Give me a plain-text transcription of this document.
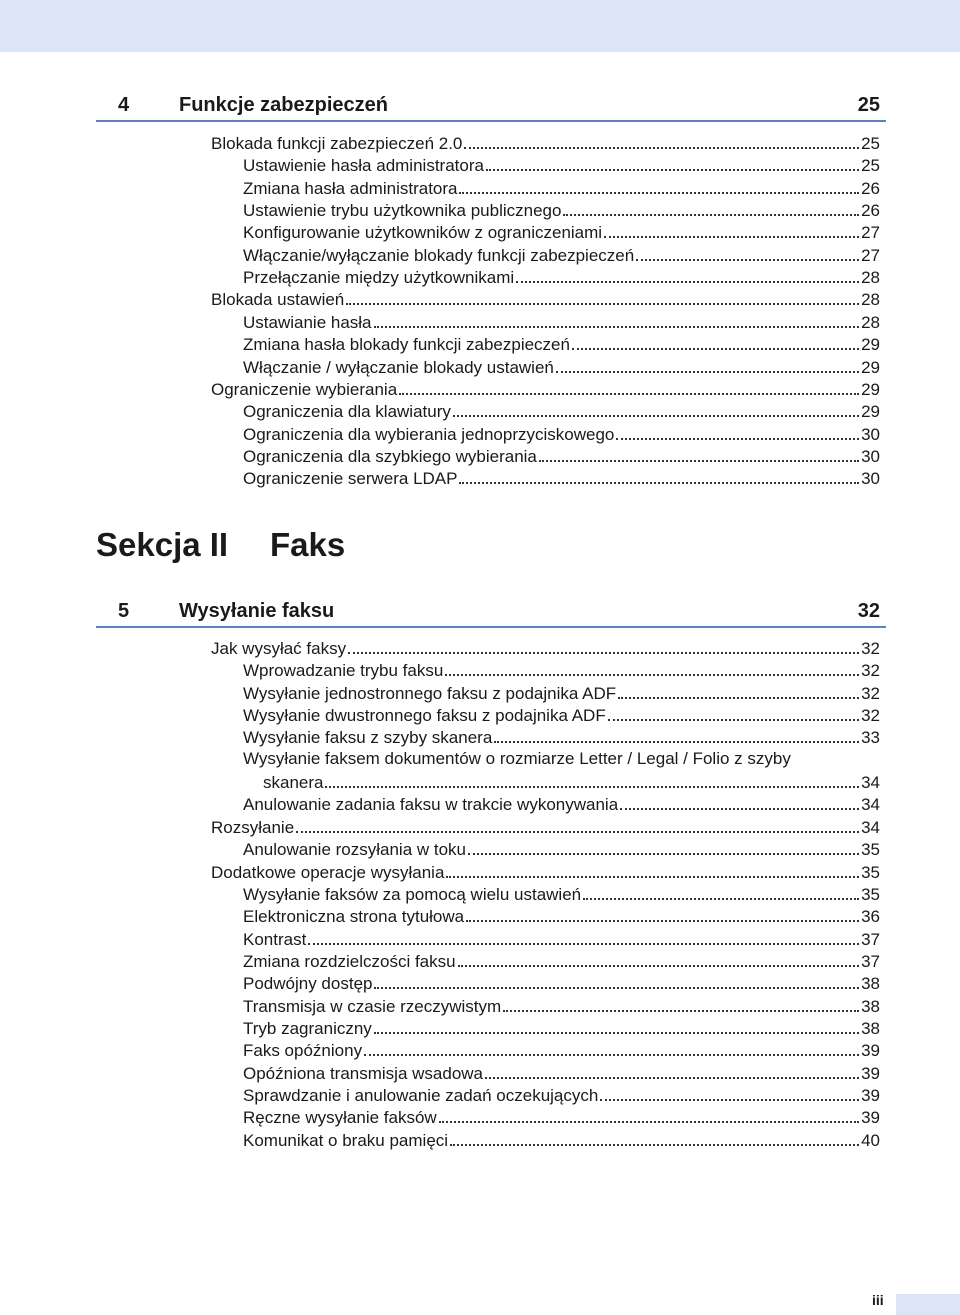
4 Funkcje zabezpieczeń	25
Blokada funkcji zabezpieczeń 2.0	25
Ustawienie hasła administratora	25
Zmiana hasła administratora	26
Ustawienie trybu użytkownika publicznego	26
Konfigurowanie użytkowników z ograniczeniami	27
Włączanie/wyłączanie blokady funkcji zabezpieczeń	27
Przełączanie między użytkownikami	28
Blokada ustawień	28
Ustawianie hasła	28
Zmiana hasła blokady funkcji zabezpieczeń	29
Włączanie / wyłączanie blokady ustawień	29
Ograniczenie wybierania	29
Ograniczenia dla klawiatury	29
Ograniczenia dla wybierania jednoprzyciskowego	30
Ograniczenia dla szybkiego wybierania	30
Ograniczenie serwera LDAP	30
Sekcja II Faks
5 Wysyłanie faksu	32
Jak wysyłać faksy	32
Wprowadzanie trybu faksu	32
Wysyłanie jednostronnego faksu z podajnika ADF	32
Wysyłanie dwustronnego faksu z podajnika ADF	32
Wysyłanie faksu z szyby skanera	33
Wysyłanie faksem dokumentów o rozmiarze Letter / Legal / Folio z szyby
skanera	34
Anulowanie zadania faksu w trakcie wykonywania	34
Rozsyłanie	34
Anulowanie rozsyłania w toku	35
Dodatkowe operacje wysyłania	35
Wysyłanie faksów za pomocą wielu ustawień	35
Elektroniczna strona tytułowa	36
Kontrast	37
Zmiana rozdzielczości faksu	37
Podwójny dostęp	38
Transmisja w czasie rzeczywistym	38
Tryb zagraniczny	38
Faks opóźniony	39
Opóźniona transmisja wsadowa	39
Sprawdzanie i anulowanie zadań oczekujących	39
Ręczne wysyłanie faksów	39
Komunikat o braku pamięci	40
iii
